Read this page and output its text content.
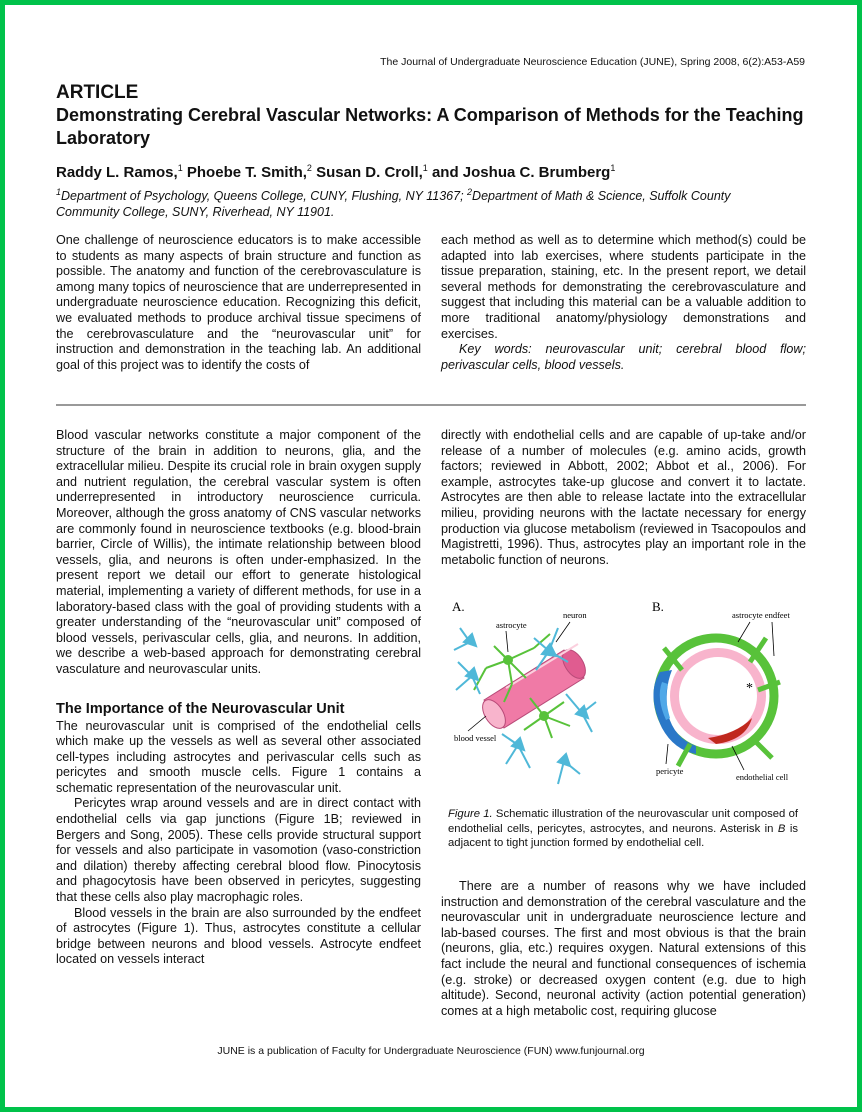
The Journal of Undergraduate Neuroscience Education (JUNE), Spring 2008, 6(2):A53-A59
ARTICLE
Demonstrating Cerebral Vascular Networks: A Comparison of Methods for the Teaching Laboratory
Raddy L. Ramos,$^1$ Phoebe T. Smith,$^2$ Susan D. Croll,$^1$ and Joshua C. Brumberg$^1$
$^1$Department of Psychology, Queens College, CUNY, Flushing, NY 11367; $^2$Department of Math & Science, Suffolk County Community College, SUNY, Riverhead, NY 11901.

One challenge of neuroscience educators is to make accessible to students as many aspects of brain structure and function as possible. The anatomy and function of the cerebrovasculature is among many topics of neuroscience that are underrepresented in undergraduate neuroscience education. Recognizing this deficit, we evaluated methods to produce archival tissue specimens of the cerebrovasculature and the “neurovascular unit” for instruction and demonstration in the teaching lab. An additional goal of this project was to identify the costs of

each method as well as to determine which method(s) could be adapted into lab exercises, where students participate in the tissue preparation, staining, etc. In the present report, we detail several methods for demonstrating the cerebrovasculature and suggest that including this material can be a valuable addition to more traditional anatomy/physiology demonstrations and exercises.

Key words: neurovascular unit; cerebral blood flow; perivascular cells, blood vessels.

Blood vascular networks constitute a major component of the structure of the brain in addition to neurons, glia, and the extracellular milieu. Despite its crucial role in brain oxygen supply and nutrient regulation, the cerebral vascular system is often underrepresented in introductory neuroscience curricula. Moreover, although the gross anatomy of CNS vascular networks are commonly found in neuroscience textbooks (e.g. blood-brain barrier, Circle of Willis), the intimate relationship between blood vessels, glia, and neurons is often under-emphasized. In the present report we detail our effort to generate histological material, implementing a variety of different methods, for use in a laboratory-based class with the goal of providing students with a greater understanding of the “neurovascular unit” composed of blood vessels, perivascular cells, glia, and neurons. In addition, we describe a web-based approach for demonstrating cerebral vasculature and neurovascular units.

The Importance of the Neurovascular Unit

The neurovascular unit is comprised of the endothelial cells which make up the vessels as well as several other associated cell-types including astrocytes and perivascular cells such as pericytes and smooth muscle cells. Figure 1 contains a schematic representation of the neurovascular unit.

Pericytes wrap around vessels and are in direct contact with endothelial cells via gap junctions (Figure 1B; reviewed in Bergers and Song, 2005). These cells provide structural support for vessels and also participate in vasomotion (vaso-constriction and dilation) thereby affecting cerebral blood flow. Pinocytosis and phagocytosis have been observed in pericytes, suggesting that these cells also play macrophagic roles.

Blood vessels in the brain are also surrounded by the endfeet of astrocytes (Figure 1). Thus, astrocytes constitute a cellular bridge between neurons and blood vessels. Astrocyte endfeet located on vessels interact

directly with endothelial cells and are capable of up-take and/or release of a number of molecules (e.g. amino acids, growth factors; reviewed in Abbott, 2002; Abbot et al., 2006). For example, astrocytes take-up glucose and convert it to lactate. Astrocytes are then able to release lactate into the extracellular milieu, providing neurons with the lactate necessary for energy production via glucose metabolism (reviewed in Tsacopoulos and Magistretti, 1996). Thus, astrocytes play an important role in the metabolic function of neurons.

A.	B.
astrocyte
neuron
blood vessel
*
astrocyte endfeet
pericyte
endothelial cell
Figure 1. Schematic illustration of the neurovascular unit composed of endothelial cells, pericytes, astrocytes, and neurons. Asterisk in B is adjacent to tight junction formed by endothelial cell.

There are a number of reasons why we have included instruction and demonstration of the cerebral vasculature and the neurovascular unit in undergraduate neuroscience lecture and lab-based courses. The first and most obvious is that the brain (neurons, glia, etc.) requires oxygen. Natural extensions of this fact include the neural and functional consequences of ischemia (e.g. stroke) or decreased oxygen content (e.g. due to high altitude). Second, neuronal activity (action potential generation) comes at a high metabolic cost, requiring glucose

JUNE is a publication of Faculty for Undergraduate Neuroscience (FUN) www.funjournal.org
